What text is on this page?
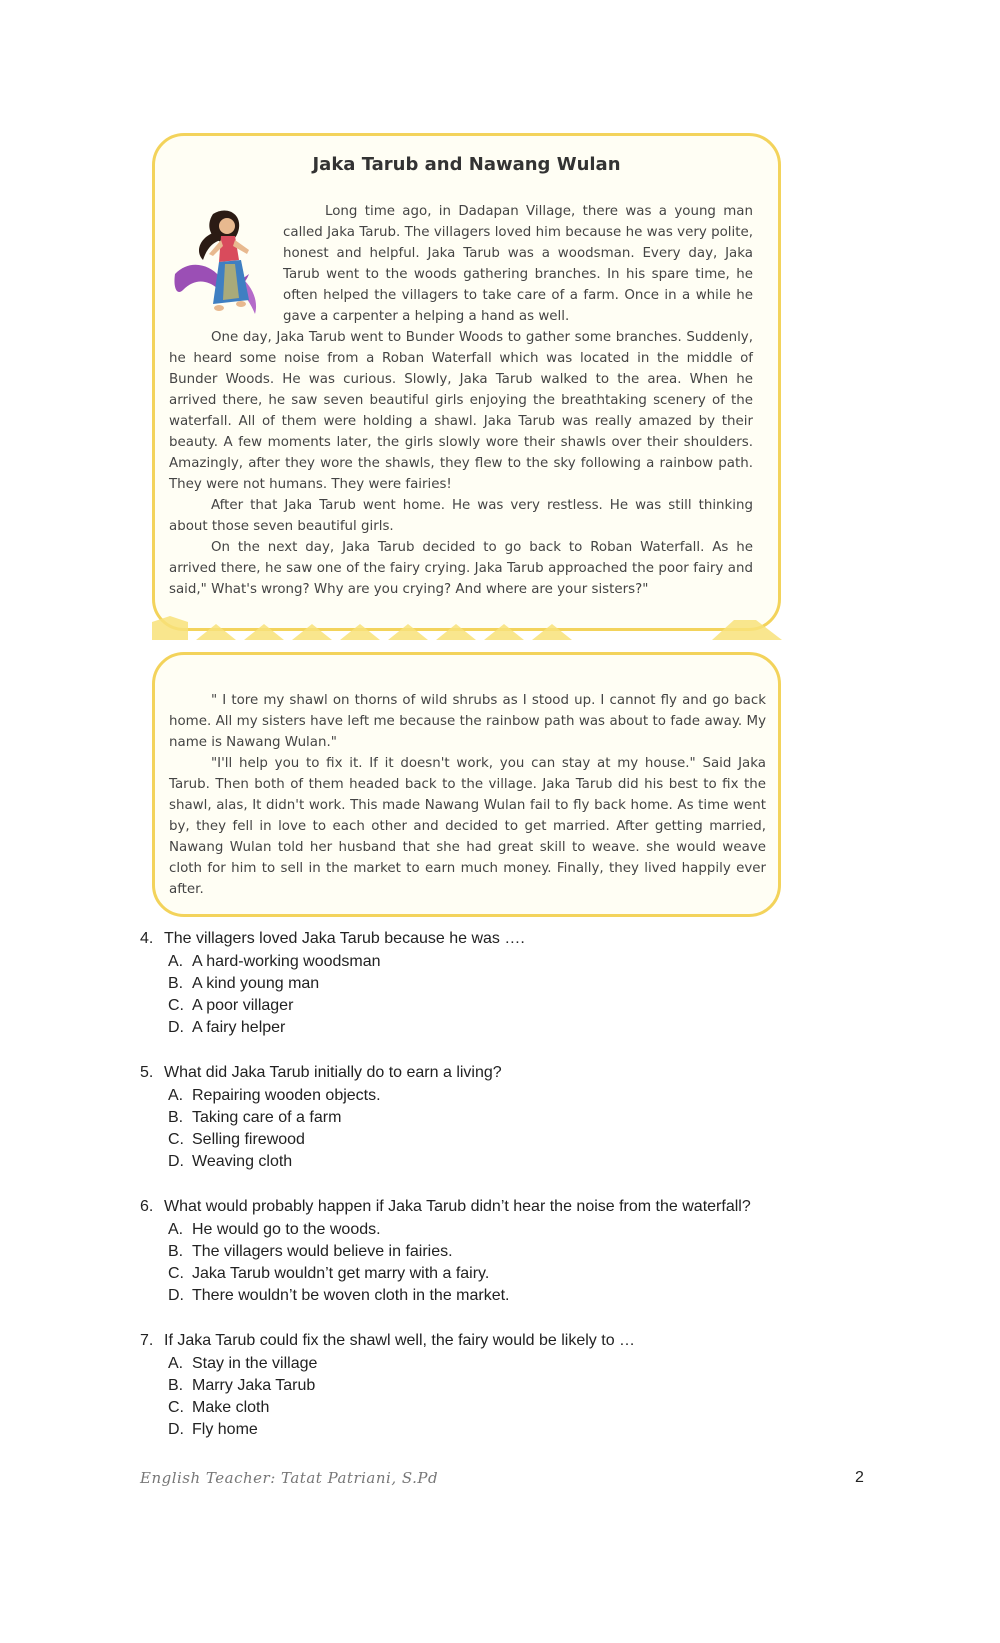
Jaka Tarub and Nawang Wulan
Long time ago, in Dadapan Village, there was a young man called Jaka Tarub. The villagers loved him because he was very polite, honest and helpful. Jaka Tarub was a woodsman. Every day, Jaka Tarub went to the woods gathering branches. In his spare time, he often helped the villagers to take care of a farm. Once in a while he gave a carpenter a helping a hand as well.

One day, Jaka Tarub went to Bunder Woods to gather some branches. Suddenly, he heard some noise from a Roban Waterfall which was located in the middle of Bunder Woods. He was curious. Slowly, Jaka Tarub walked to the area. When he arrived there, he saw seven beautiful girls enjoying the breathtaking scenery of the waterfall. All of them were holding a shawl. Jaka Tarub was really amazed by their beauty. A few moments later, the girls slowly wore their shawls over their shoulders. Amazingly, after they wore the shawls, they flew to the sky following a rainbow path. They were not humans. They were fairies!

After that Jaka Tarub went home. He was very restless. He was still thinking about those seven beautiful girls.

On the next day, Jaka Tarub decided to go back to Roban Waterfall. As he arrived there, he saw one of the fairy crying. Jaka Tarub approached the poor fairy and said," What's wrong? Why are you crying? And where are your sisters?"

" I tore my shawl on thorns of wild shrubs as I stood up. I cannot fly and go back home. All my sisters have left me because the rainbow path was about to fade away. My name is Nawang Wulan."

"I'll help you to fix it. If it doesn't work, you can stay at my house." Said Jaka Tarub. Then both of them headed back to the village. Jaka Tarub did his best to fix the shawl, alas, It didn't work. This made Nawang Wulan fail to fly back home. As time went by, they fell in love to each other and decided to get married. After getting married, Nawang Wulan told her husband that she had great skill to weave. she would weave cloth for him to sell in the market to earn much money. Finally, they lived happily ever after.

4. The villagers loved Jaka Tarub because he was ….
A. A hard-working woodsman
B. A kind young man
C. A poor villager
D. A fairy helper
5. What did Jaka Tarub initially do to earn a living?
A. Repairing wooden objects.
B. Taking care of a farm
C. Selling firewood
D. Weaving cloth
6. What would probably happen if Jaka Tarub didn’t hear the noise from the waterfall?
A. He would go to the woods.
B. The villagers would believe in fairies.
C. Jaka Tarub wouldn’t get marry with a fairy.
D. There wouldn’t be woven cloth in the market.
7. If Jaka Tarub could fix the shawl well, the fairy would be likely to …
A. Stay in the village
B. Marry Jaka Tarub
C. Make cloth
D. Fly home
English Teacher: Tatat Patriani, S.Pd	2
